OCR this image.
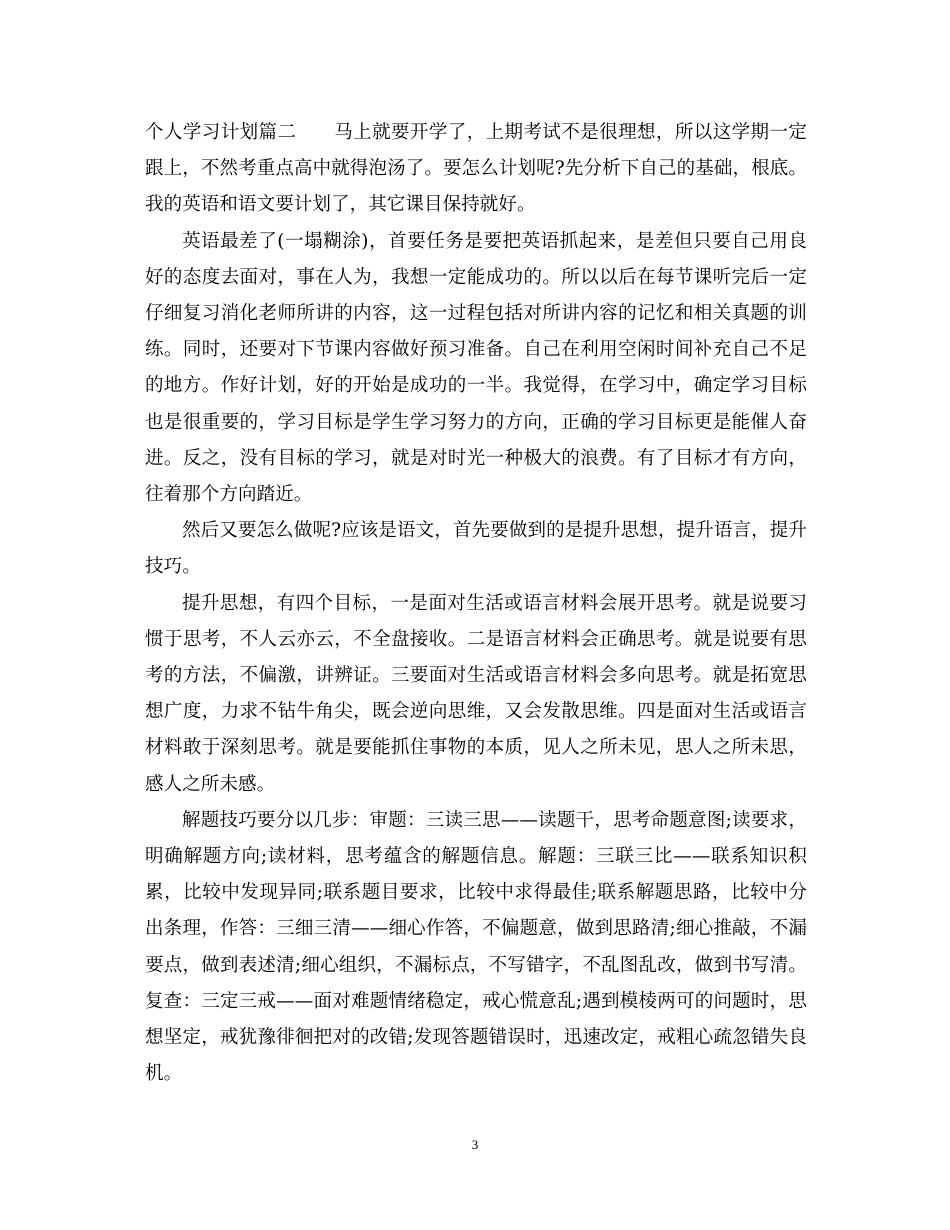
个人学习计划篇二　　马上就要开学了，上期考试不是很理想，所以这学期一定跟上，不然考重点高中就得泡汤了。要怎么计划呢?先分析下自己的基础，根底。我的英语和语文要计划了，其它课目保持就好。

英语最差了(一塌糊涂)，首要任务是要把英语抓起来，是差但只要自己用良好的态度去面对，事在人为，我想一定能成功的。所以以后在每节课听完后一定仔细复习消化老师所讲的内容，这一过程包括对所讲内容的记忆和相关真题的训练。同时，还要对下节课内容做好预习准备。自己在利用空闲时间补充自己不足的地方。作好计划，好的开始是成功的一半。我觉得，在学习中，确定学习目标也是很重要的，学习目标是学生学习努力的方向，正确的学习目标更是能催人奋进。反之，没有目标的学习，就是对时光一种极大的浪费。有了目标才有方向，往着那个方向踏近。

然后又要怎么做呢?应该是语文，首先要做到的是提升思想，提升语言，提升技巧。

提升思想，有四个目标，一是面对生活或语言材料会展开思考。就是说要习惯于思考，不人云亦云，不全盘接收。二是语言材料会正确思考。就是说要有思考的方法，不偏激，讲辨证。三要面对生活或语言材料会多向思考。就是拓宽思想广度，力求不钻牛角尖，既会逆向思维，又会发散思维。四是面对生活或语言材料敢于深刻思考。就是要能抓住事物的本质，见人之所未见，思人之所未思，感人之所未感。

解题技巧要分以几步：审题：三读三思——读题干，思考命题意图;读要求，明确解题方向;读材料，思考蕴含的解题信息。解题：三联三比——联系知识积累，比较中发现异同;联系题目要求，比较中求得最佳;联系解题思路，比较中分出条理，作答：三细三清——细心作答，不偏题意，做到思路清;细心推敲，不漏要点，做到表述清;细心组织，不漏标点，不写错字，不乱图乱改，做到书写清。复查：三定三戒——面对难题情绪稳定，戒心慌意乱;遇到模棱两可的问题时，思想坚定，戒犹豫徘徊把对的改错;发现答题错误时，迅速改定，戒粗心疏忽错失良机。

3
